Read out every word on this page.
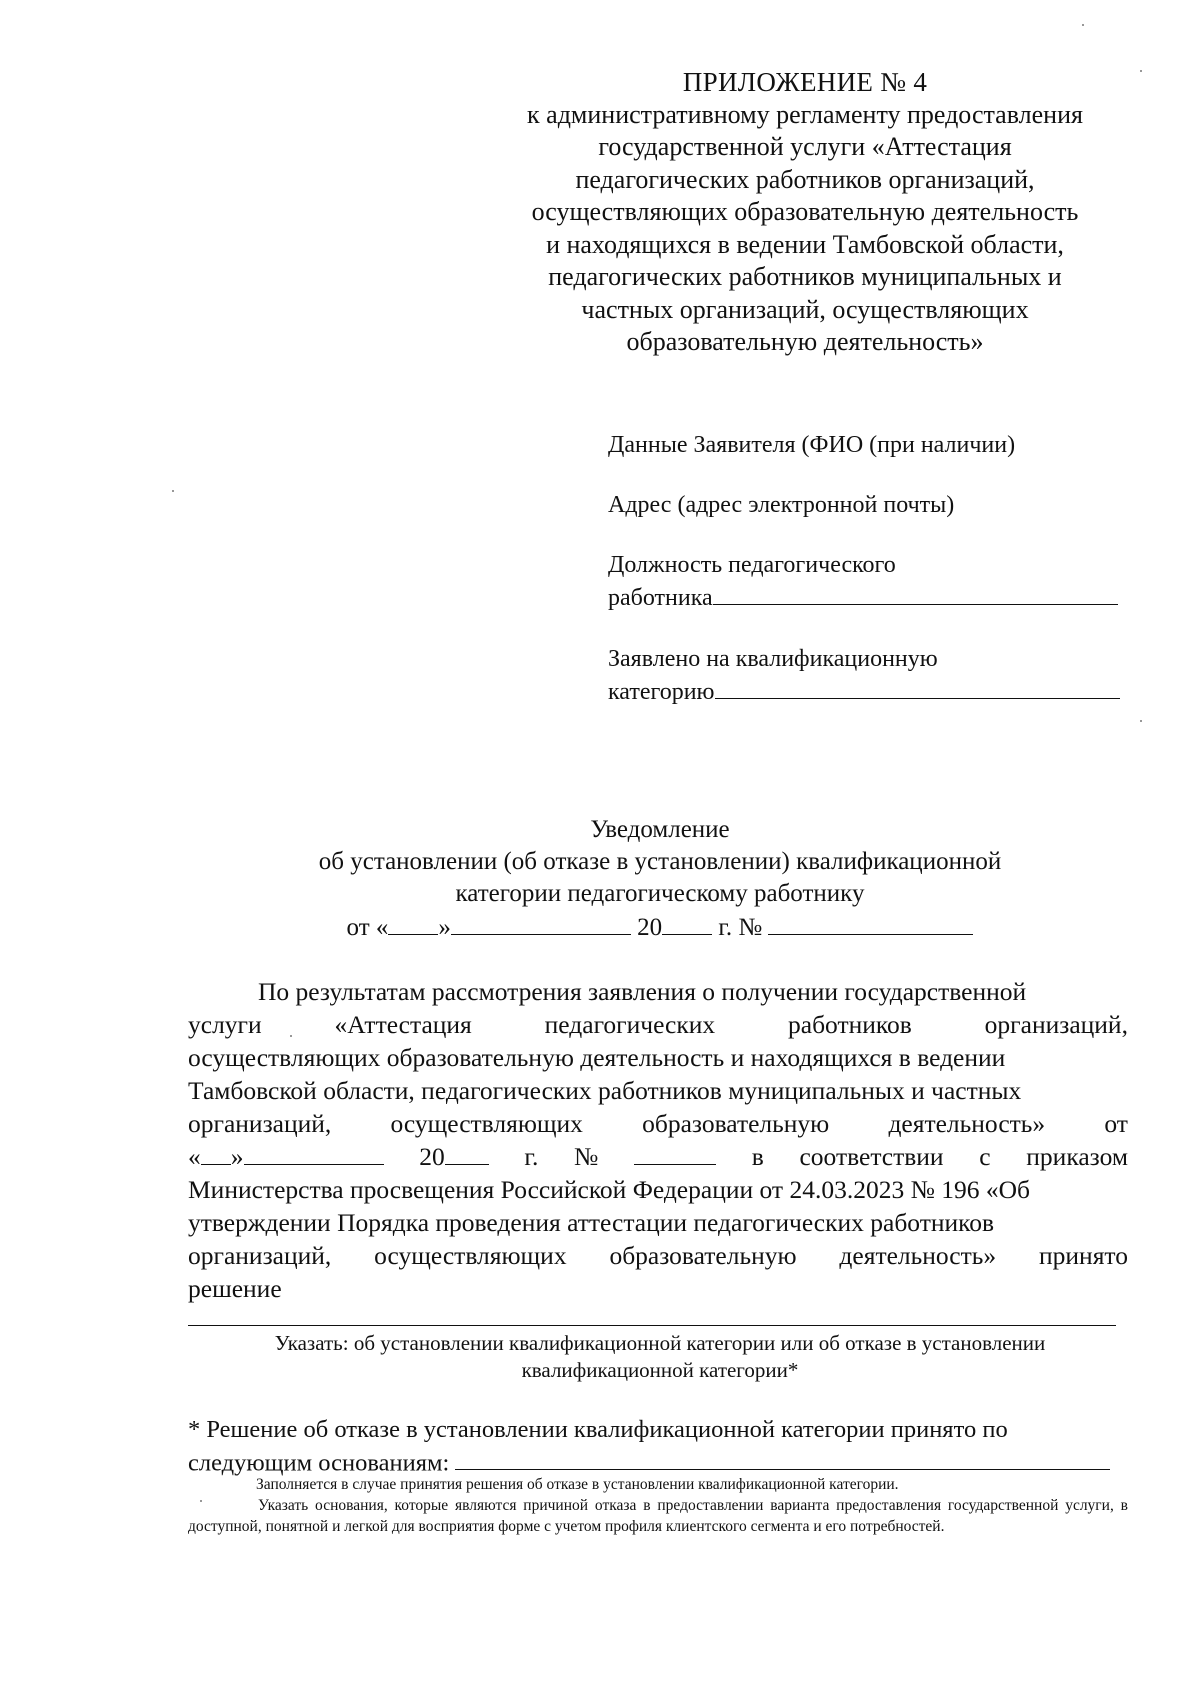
ПРИЛОЖЕНИЕ № 4
к административному регламенту предоставления
государственной услуги «Аттестация
педагогических работников организаций,
осуществляющих образовательную деятельность
и находящихся в ведении Тамбовской области,
педагогических работников муниципальных и
частных организаций, осуществляющих
образовательную деятельность»
Данные Заявителя (ФИО (при наличии)
Адрес (адрес электронной почты)
Должность педагогического
работника
Заявлено на квалификационную
категорию
Уведомление
об установлении (об отказе в установлении) квалификационной
категории педагогическому работнику
от « »	20 г. №
По результатам рассмотрения заявления о получении государственной
услуги	«Аттестация	педагогических	работников	организаций,
осуществляющих образовательную деятельность и находящихся в ведении
Тамбовской области, педагогических работников муниципальных и частных
организаций, осуществляющих образовательную деятельность» от
« »	20	г. №	в соответствии с приказом
Министерства просвещения Российской Федерации от 24.03.2023 № 196 «Об
утверждении Порядка проведения аттестации педагогических работников
организаций, осуществляющих образовательную деятельность» принято
решение
Указать: об установлении квалификационной категории или об отказе в установлении
квалификационной категории*
* Решение об отказе в установлении квалификационной категории принято по
следующим основаниям:

Заполняется в случае принятия решения об отказе в установлении квалификационной категории.

Указать основания, которые являются причиной отказа в предоставлении варианта предоставления государственной услуги, в доступной, понятной и легкой для восприятия форме с учетом профиля клиентского сегмента и его потребностей.
